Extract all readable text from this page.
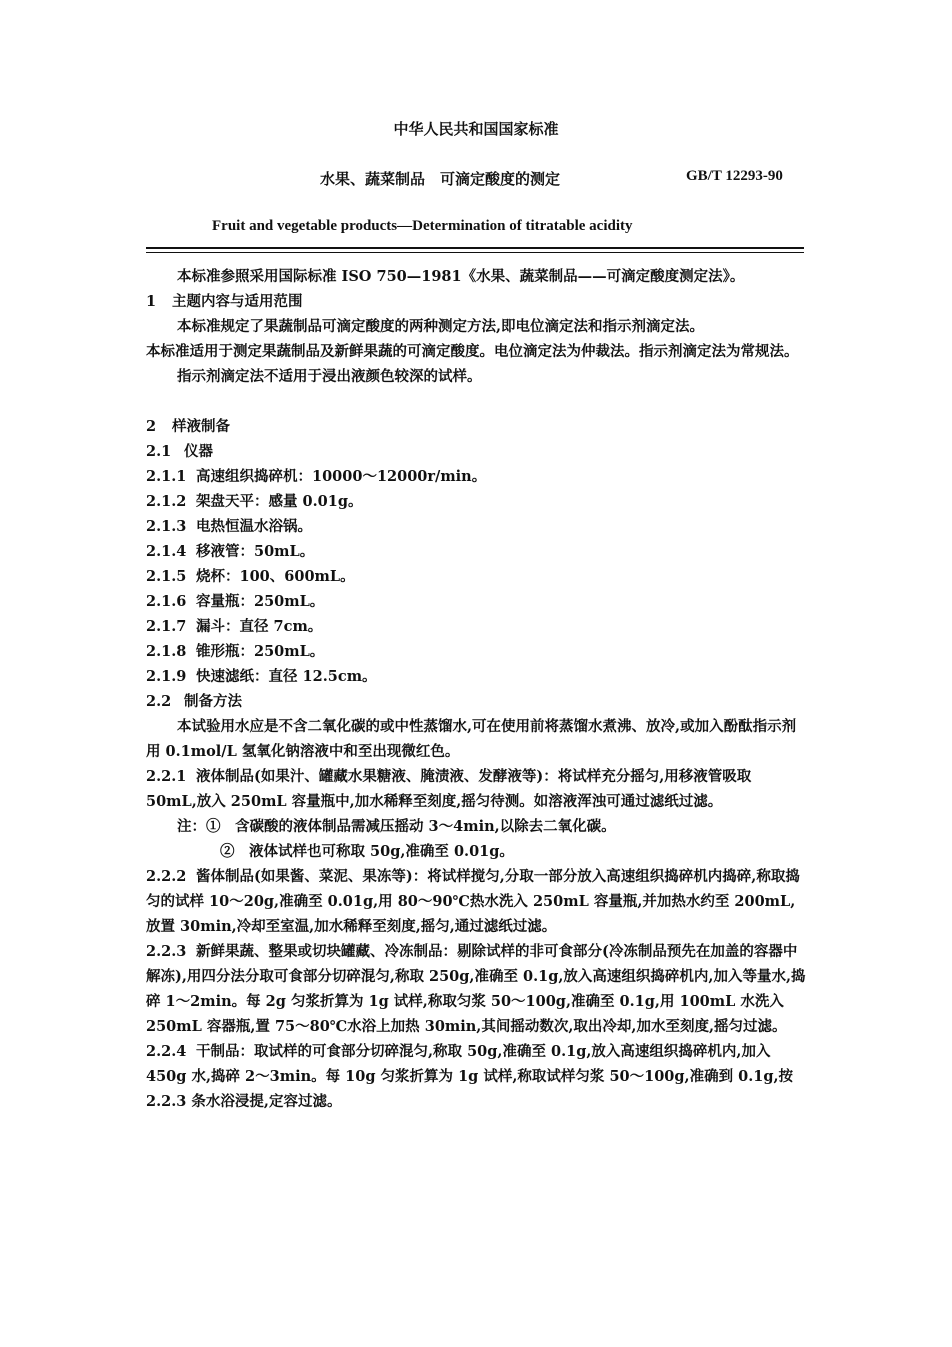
中华人民共和国国家标准
水果、蔬菜制品　可滴定酸度的测定	GB/T 12293-90
Fruit and vegetable products—Determination of titratable acidity

本标准参照采用国际标准 ISO 750—1981《水果、蔬菜制品——可滴定酸度测定法》。

1 主题内容与适用范围

本标准规定了果蔬制品可滴定酸度的两种测定方法,即电位滴定法和指示剂滴定法。

本标准适用于测定果蔬制品及新鲜果蔬的可滴定酸度。电位滴定法为仲裁法。指示剂滴定法为常规法。

指示剂滴定法不适用于浸出液颜色较深的试样。

2 样液制备

2.1 仪器

2.1.1 高速组织捣碎机：10000～12000r/min。

2.1.2 架盘天平：感量 0.01g。

2.1.3 电热恒温水浴锅。

2.1.4 移液管：50mL。

2.1.5 烧杯：100、600mL。

2.1.6 容量瓶：250mL。

2.1.7 漏斗：直径 7cm。

2.1.8 锥形瓶：250mL。

2.1.9 快速滤纸：直径 12.5cm。

2.2 制备方法

本试验用水应是不含二氧化碳的或中性蒸馏水,可在使用前将蒸馏水煮沸、放冷,或加入酚酞指示剂用 0.1mol/L 氢氧化钠溶液中和至出现微红色。

2.2.1 液体制品(如果汁、罐藏水果糖液、腌渍液、发酵液等)：将试样充分摇匀,用移液管吸取 50mL,放入 250mL 容量瓶中,加水稀释至刻度,摇匀待测。如溶液浑浊可通过滤纸过滤。

注：①　含碳酸的液体制品需减压摇动 3～4min,以除去二氧化碳。

②　液体试样也可称取 50g,准确至 0.01g。

2.2.2 酱体制品(如果酱、菜泥、果冻等)：将试样搅匀,分取一部分放入高速组织捣碎机内捣碎,称取捣匀的试样 10～20g,准确至 0.01g,用 80～90℃热水洗入 250mL 容量瓶,并加热水约至 200mL,放置 30min,冷却至室温,加水稀释至刻度,摇匀,通过滤纸过滤。

2.2.3 新鲜果蔬、整果或切块罐藏、冷冻制品：剔除试样的非可食部分(冷冻制品预先在加盖的容器中解冻),用四分法分取可食部分切碎混匀,称取 250g,准确至 0.1g,放入高速组织捣碎机内,加入等量水,捣碎 1～2min。每 2g 匀浆折算为 1g 试样,称取匀浆 50～100g,准确至 0.1g,用 100mL 水洗入 250mL 容器瓶,置 75～80℃水浴上加热 30min,其间摇动数次,取出冷却,加水至刻度,摇匀过滤。

2.2.4 干制品：取试样的可食部分切碎混匀,称取 50g,准确至 0.1g,放入高速组织捣碎机内,加入 450g 水,捣碎 2～3min。每 10g 匀浆折算为 1g 试样,称取试样匀浆 50～100g,准确到 0.1g,按 2.2.3 条水浴浸提,定容过滤。
